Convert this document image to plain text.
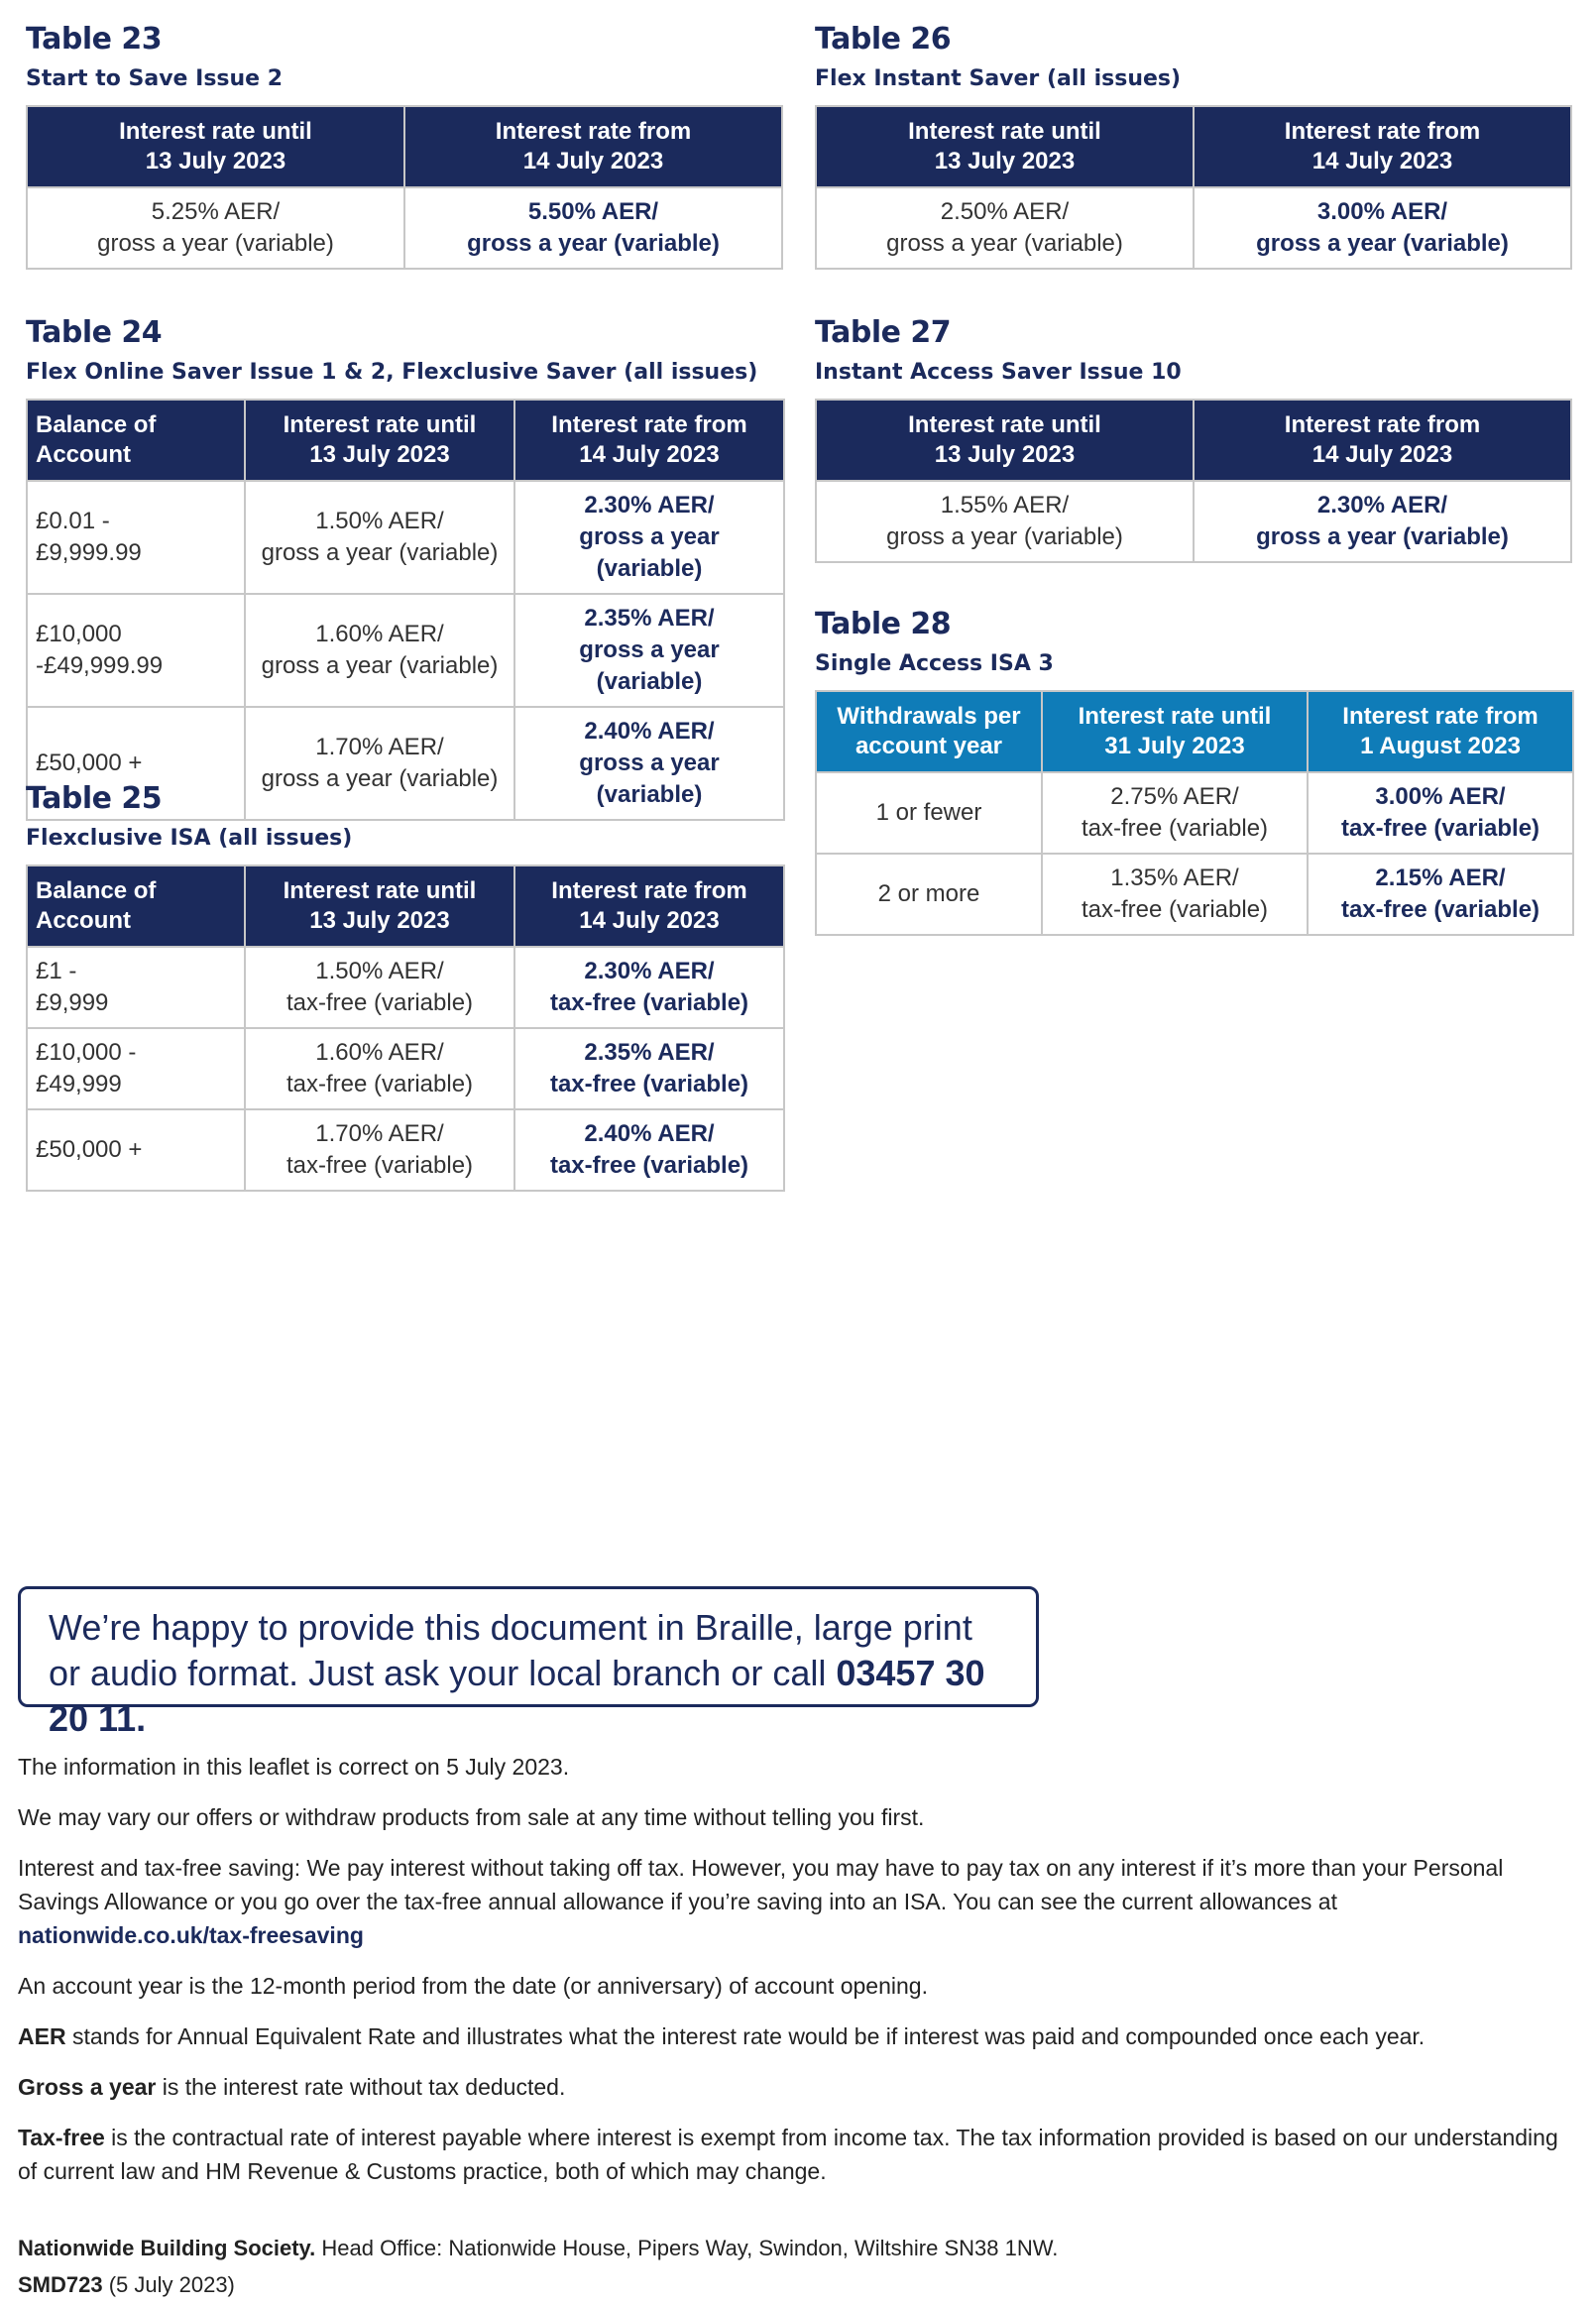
Table 23
Start to Save Issue 2
Interest rate until
13 July 2023	Interest rate from
14 July 2023
5.25% AER/
gross a year (variable)	5.50% AER/
gross a year (variable)
Table 24
Flex Online Saver Issue 1 & 2, Flexclusive Saver (all issues)
Balance of
Account	Interest rate until
13 July 2023	Interest rate from
14 July 2023
£0.01 -
£9,999.99	1.50% AER/
gross a year (variable)	2.30% AER/
gross a year (variable)
£10,000
-£49,999.99	1.60% AER/
gross a year (variable)	2.35% AER/
gross a year (variable)
£50,000 +	1.70% AER/
gross a year (variable)	2.40% AER/
gross a year (variable)
Table 25
Flexclusive ISA (all issues)
Balance of
Account	Interest rate until
13 July 2023	Interest rate from
14 July 2023
£1 -
£9,999	1.50% AER/
tax-free (variable)	2.30% AER/
tax-free (variable)
£10,000 -
£49,999	1.60% AER/
tax-free (variable)	2.35% AER/
tax-free (variable)
£50,000 +	1.70% AER/
tax-free (variable)	2.40% AER/
tax-free (variable)
Table 26
Flex Instant Saver (all issues)
Interest rate until
13 July 2023	Interest rate from
14 July 2023
2.50% AER/
gross a year (variable)	3.00% AER/
gross a year (variable)
Table 27
Instant Access Saver Issue 10
Interest rate until
13 July 2023	Interest rate from
14 July 2023
1.55% AER/
gross a year (variable)	2.30% AER/
gross a year (variable)
Table 28
Single Access ISA 3
Withdrawals per
account year	Interest rate until
31 July 2023	Interest rate from
1 August 2023
1 or fewer	2.75% AER/
tax-free (variable)	3.00% AER/
tax-free (variable)
2 or more	1.35% AER/
tax-free (variable)	2.15% AER/
tax-free (variable)
We’re happy to provide this document in Braille, large print or audio format. Just ask your local branch or call 03457 30 20 11.

The information in this leaflet is correct on 5 July 2023.

We may vary our offers or withdraw products from sale at any time without telling you first.

Interest and tax-free saving: We pay interest without taking off tax. However, you may have to pay tax on any interest if it’s more than your Personal Savings Allowance or you go over the tax-free annual allowance if you’re saving into an ISA. You can see the current allowances at
nationwide.co.uk/tax-freesaving

An account year is the 12-month period from the date (or anniversary) of account opening.

AER stands for Annual Equivalent Rate and illustrates what the interest rate would be if interest was paid and compounded once each year.

Gross a year is the interest rate without tax deducted.

Tax-free is the contractual rate of interest payable where interest is exempt from income tax. The tax information provided is based on our understanding of current law and HM Revenue & Customs practice, both of which may change.

Nationwide Building Society. Head Office: Nationwide House, Pipers Way, Swindon, Wiltshire SN38 1NW.

SMD723 (5 July 2023)
